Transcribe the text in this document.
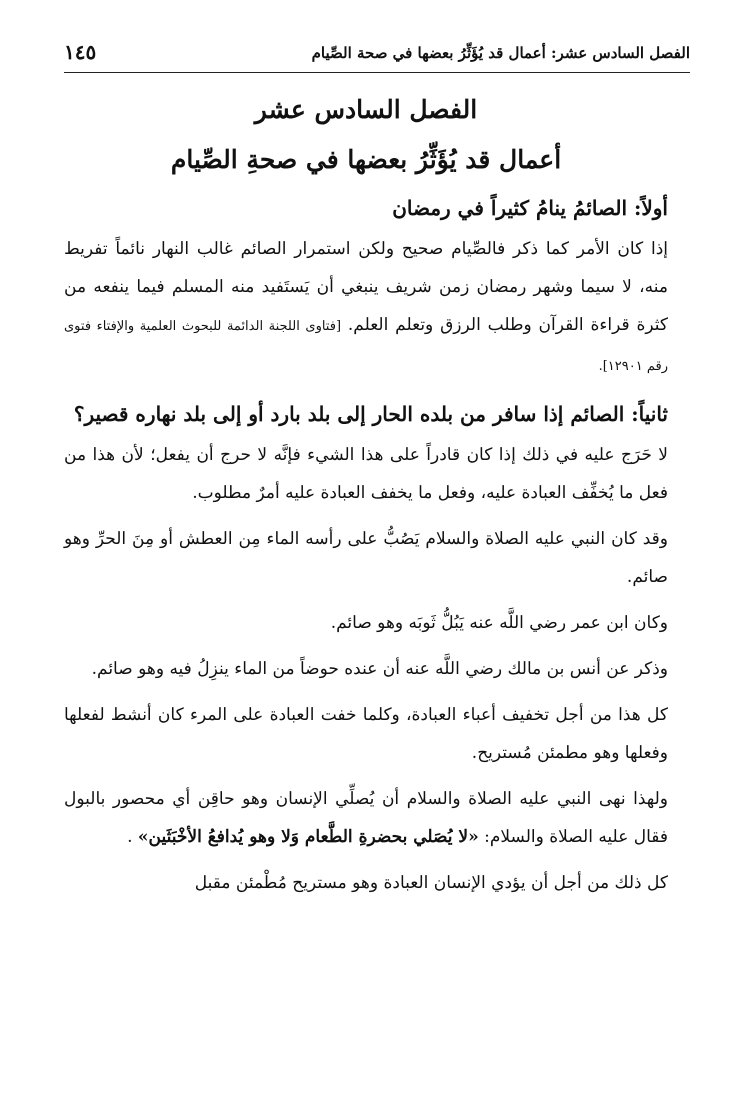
الفصل السادس عشر: أعمال قد يُؤَثِّرُ بعضها في صحة الصِّيام
١٤٥
الفصل السادس عشر
أعمال قد يُؤَثِّرُ بعضها في صحةِ الصِّيام
أولاً: الصائمُ ينامُ كثيراً في رمضان

إذا كان الأمر كما ذكر فالصِّيام صحيح ولكن استمرار الصائم غالب النهار نائماً تفريط منه، لا سيما وشهر رمضان زمن شريف ينبغي أن يَستَفيد منه المسلم فيما ينفعه من كثرة قراءة القرآن وطلب الرزق وتعلم العلم. [فتاوى اللجنة الدائمة للبحوث العلمية والإفتاء فتوى رقم ١٢٩٠١].

ثانياً: الصائم إذا سافر من بلده الحار إلى بلد بارد أو إلى بلد نهاره قصير؟

لا حَرَج عليه في ذلك إذا كان قادراً على هذا الشيء فإنَّه لا حرج أن يفعل؛ لأن هذا من فعل ما يُخفِّف العبادة عليه، وفعل ما يخفف العبادة عليه أمرٌ مطلوب.

وقد كان النبي عليه الصلاة والسلام يَصُبُّ على رأسه الماء مِن العطش أو مِنَ الحرِّ وهو صائم.

وكان ابن عمر رضي اللَّه عنه يَبُلُّ ثَوبَه وهو صائم.

وذكر عن أنس بن مالك رضي اللَّه عنه أن عنده حوضاً من الماء ينزِلُ فيه وهو صائم.

كل هذا من أجل تخفيف أعباء العبادة، وكلما خفت العبادة على المرء كان أنشط لفعلها وفعلها وهو مطمئن مُستريح.

ولهذا نهى النبي عليه الصلاة والسلام أن يُصلِّي الإنسان وهو حاقِن أي محصور بالبول فقال عليه الصلاة والسلام: «لا يُصَلي بحضرةِ الطَّعام وَلا وهو يُدافعُ الأخْبَثَين» .

كل ذلك من أجل أن يؤدي الإنسان العبادة وهو مستريح مُطْمئن مقبل
